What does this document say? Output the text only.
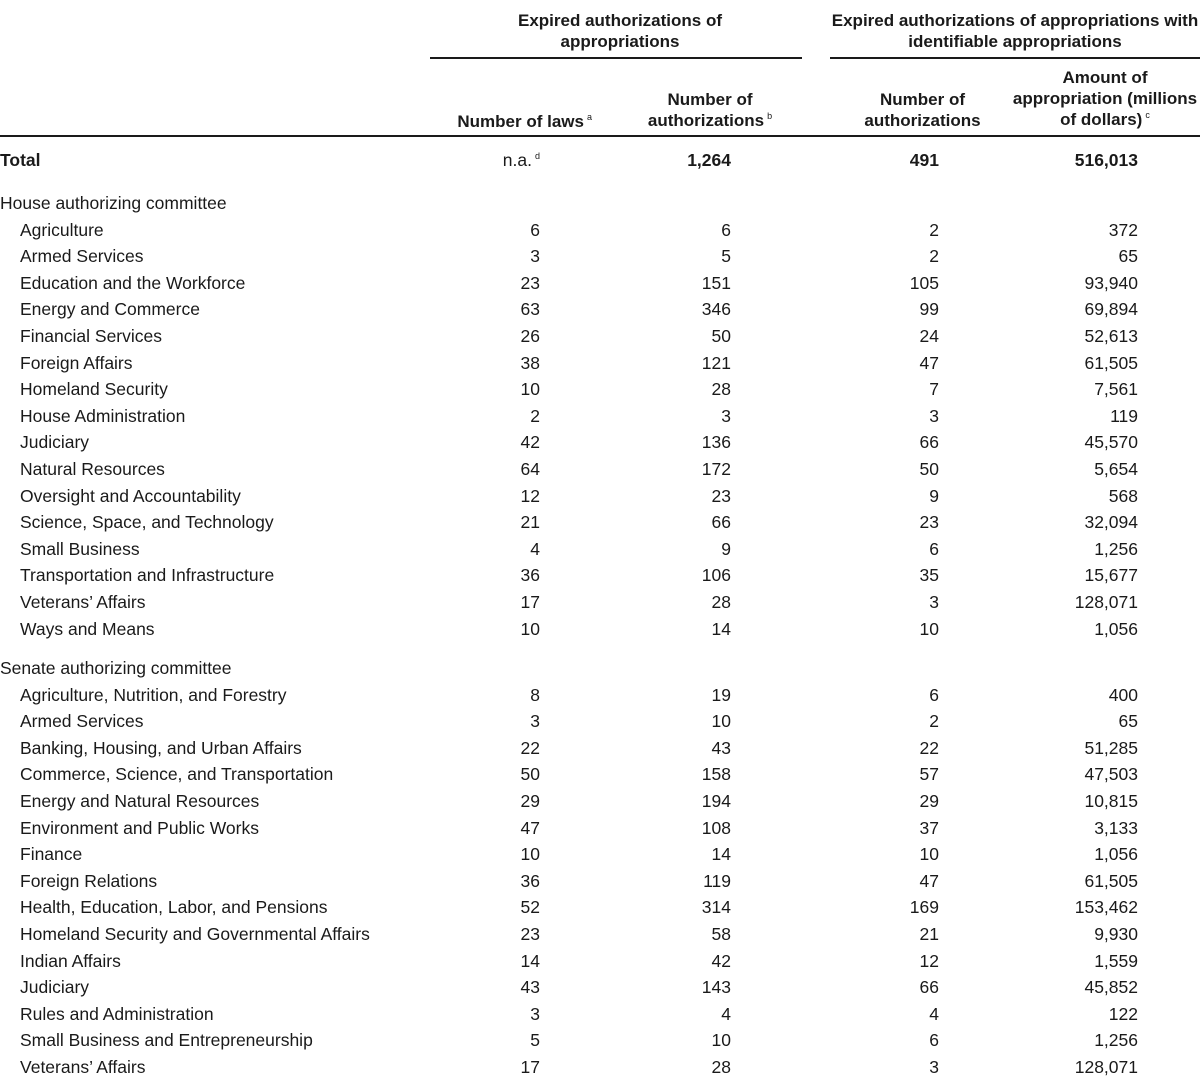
Expired authorizations of appropriations
Expired authorizations of appropriations with identifiable appropriations
Number of laws $^a$
Number of authorizations $^b$
Number of authorizations
Amount of appropriation (millions of dollars) $^c$
Total	n.a. $^d$	1,264	491	516,013
House authorizing committee
Agriculture	6	6	2	372
Armed Services	3	5	2	65
Education and the Workforce	23	151	105	93,940
Energy and Commerce	63	346	99	69,894
Financial Services	26	50	24	52,613
Foreign Affairs	38	121	47	61,505
Homeland Security	10	28	7	7,561
House Administration	2	3	3	119
Judiciary	42	136	66	45,570
Natural Resources	64	172	50	5,654
Oversight and Accountability	12	23	9	568
Science, Space, and Technology	21	66	23	32,094
Small Business	4	9	6	1,256
Transportation and Infrastructure	36	106	35	15,677
Veterans’ Affairs	17	28	3	128,071
Ways and Means	10	14	10	1,056
Senate authorizing committee
Agriculture, Nutrition, and Forestry	8	19	6	400
Armed Services	3	10	2	65
Banking, Housing, and Urban Affairs	22	43	22	51,285
Commerce, Science, and Transportation	50	158	57	47,503
Energy and Natural Resources	29	194	29	10,815
Environment and Public Works	47	108	37	3,133
Finance	10	14	10	1,056
Foreign Relations	36	119	47	61,505
Health, Education, Labor, and Pensions	52	314	169	153,462
Homeland Security and Governmental Affairs	23	58	21	9,930
Indian Affairs	14	42	12	1,559
Judiciary	43	143	66	45,852
Rules and Administration	3	4	4	122
Small Business and Entrepreneurship	5	10	6	1,256
Veterans’ Affairs	17	28	3	128,071
